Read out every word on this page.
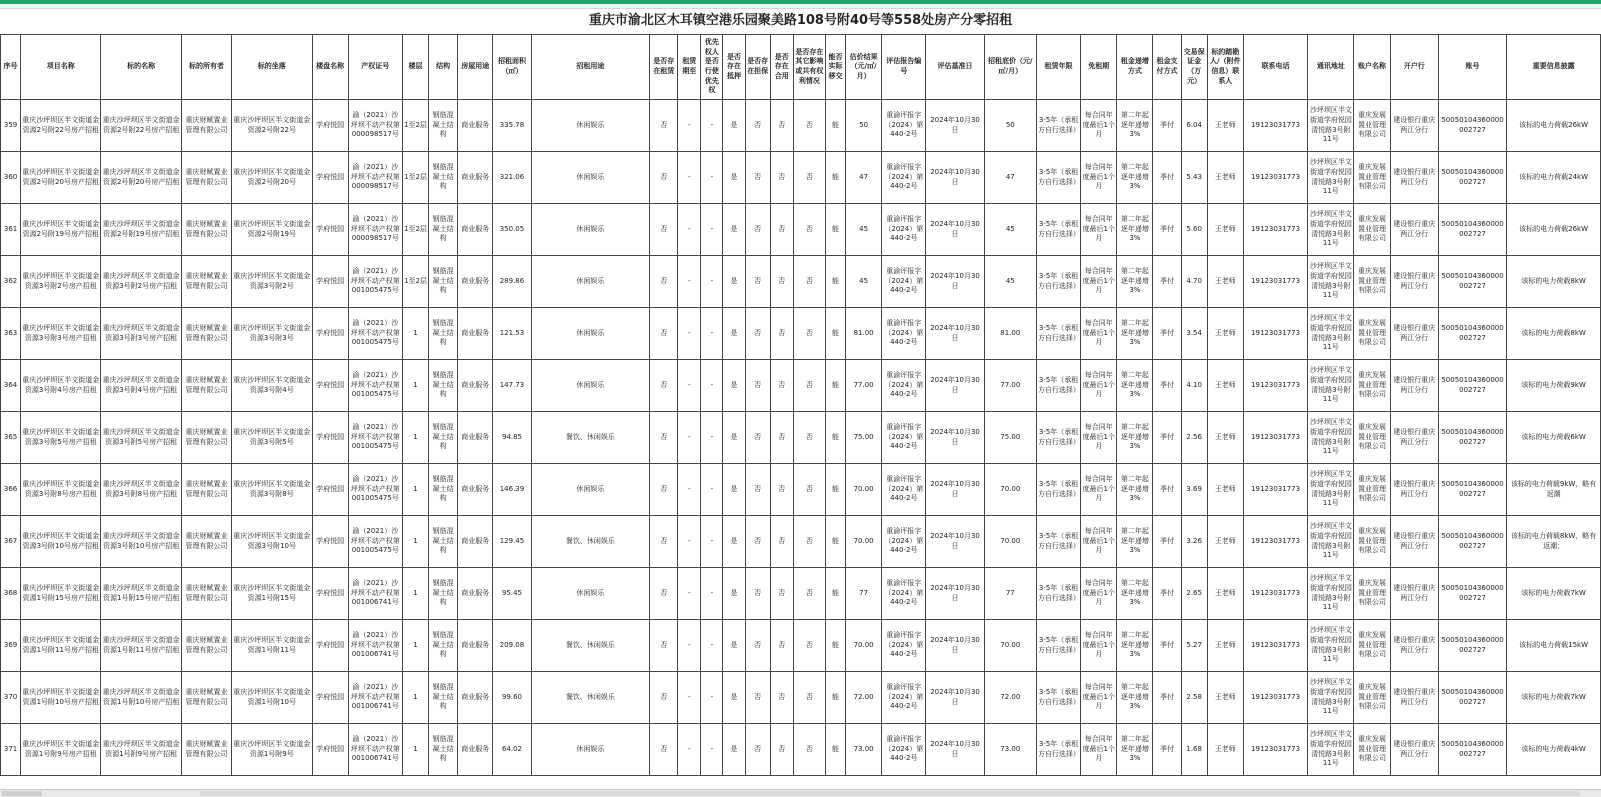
重庆市渝北区木耳镇空港乐园聚美路108号附40号等558处房产分零招租																																			
序号	项目名称	标的名称	标的所有者	标的坐落	楼盘名称	产权证号	楼层	结构	房屋用途	招租面积（㎡）	招租用途	是否存在租赁	租赁期至	优先权人是否行使优先权	是否存在抵押	是否存在担保	是否存在合用	是否存在其它影响或共有权利情况	能否实际移交	估价结果（元/㎡/月）	评估报告编号	评估基准日	招租底价（元/㎡/月）	租赁年限	免租期	租金递增方式	租金支付方式	交易保证金（万元）	标的踏勘人/（附件信息）联系人	联系电话	通讯地址	账户名称	开户行	账号	重要信息披露
359	重庆沙坪坝区半文街道金资源2号附22号房产招租	重庆沙坪坝区半文街道金资源2号附22号房产招租	重庆财赋置业管理有限公司	重庆沙坪坝区半文街道金资源2号附22号	学府悦园	渝（2021）沙坪坝不动产权第000098517号	1至2层	钢筋混凝土结构	商业服务	335.78	休闲娱乐	否	-	-	是	否	否	否	能	50	重渝评报字（2024）第440-2号	2024年10月30日	50	3-5年（承租方自行选择）	每合同年度最后1个月	第二年起逐年递增3%	季付	6.04	王老师	19123031773	沙坪坝区半文街道学府悦园清悦路3号附11号	重庆发展置业管理有限公司	建设银行重庆两江分行	50050104360000002727	该标的电力荷载26kW
360	重庆沙坪坝区半文街道金资源2号附20号房产招租	重庆沙坪坝区半文街道金资源2号附20号房产招租	重庆财赋置业管理有限公司	重庆沙坪坝区半文街道金资源2号附20号	学府悦园	渝（2021）沙坪坝不动产权第000098517号	1至2层	钢筋混凝土结构	商业服务	321.06	休闲娱乐	否	-	-	是	否	否	否	能	47	重渝评报字（2024）第440-2号	2024年10月30日	47	3-5年（承租方自行选择）	每合同年度最后1个月	第二年起逐年递增3%	季付	5.43	王老师	19123031773	沙坪坝区半文街道学府悦园清悦路3号附11号	重庆发展置业管理有限公司	建设银行重庆两江分行	50050104360000002727	该标的电力荷载24kW
361	重庆沙坪坝区半文街道金资源2号附19号房产招租	重庆沙坪坝区半文街道金资源2号附19号房产招租	重庆财赋置业管理有限公司	重庆沙坪坝区半文街道金资源2号附19号	学府悦园	渝（2021）沙坪坝不动产权第000098517号	1至2层	钢筋混凝土结构	商业服务	350.05	休闲娱乐	否	-	-	是	否	否	否	能	45	重渝评报字（2024）第440-2号	2024年10月30日	45	3-5年（承租方自行选择）	每合同年度最后1个月	第二年起逐年递增3%	季付	5.60	王老师	19123031773	沙坪坝区半文街道学府悦园清悦路3号附11号	重庆发展置业管理有限公司	建设银行重庆两江分行	50050104360000002727	该标的电力荷载26kW
362	重庆沙坪坝区半文街道金资源3号附2号房产招租	重庆沙坪坝区半文街道金资源3号附2号房产招租	重庆财赋置业管理有限公司	重庆沙坪坝区半文街道金资源3号附2号	学府悦园	渝（2021）沙坪坝不动产权第001005475号	1至2层	钢筋混凝土结构	商业服务	289.86	休闲娱乐	否	-	-	是	否	否	否	能	45	重渝评报字（2024）第440-2号	2024年10月30日	45	3-5年（承租方自行选择）	每合同年度最后1个月	第二年起逐年递增3%	季付	4.70	王老师	19123031773	沙坪坝区半文街道学府悦园清悦路3号附11号	重庆发展置业管理有限公司	建设银行重庆两江分行	50050104360000002727	该标的电力荷载8kW
363	重庆沙坪坝区半文街道金资源3号附3号房产招租	重庆沙坪坝区半文街道金资源3号附3号房产招租	重庆财赋置业管理有限公司	重庆沙坪坝区半文街道金资源3号附3号	学府悦园	渝（2021）沙坪坝不动产权第001005475号	1	钢筋混凝土结构	商业服务	121.53	休闲娱乐	否	-	-	是	否	否	否	能	81.00	重渝评报字（2024）第440-2号	2024年10月30日	81.00	3-5年（承租方自行选择）	每合同年度最后1个月	第二年起逐年递增3%	季付	3.54	王老师	19123031773	沙坪坝区半文街道学府悦园清悦路3号附11号	重庆发展置业管理有限公司	建设银行重庆两江分行	50050104360000002727	该标的电力荷载8kW
364	重庆沙坪坝区半文街道金资源3号附4号房产招租	重庆沙坪坝区半文街道金资源3号附4号房产招租	重庆财赋置业管理有限公司	重庆沙坪坝区半文街道金资源3号附4号	学府悦园	渝（2021）沙坪坝不动产权第001005475号	1	钢筋混凝土结构	商业服务	147.73	休闲娱乐	否	-	-	是	否	否	否	能	77.00	重渝评报字（2024）第440-2号	2024年10月30日	77.00	3-5年（承租方自行选择）	每合同年度最后1个月	第二年起逐年递增3%	季付	4.10	王老师	19123031773	沙坪坝区半文街道学府悦园清悦路3号附11号	重庆发展置业管理有限公司	建设银行重庆两江分行	50050104360000002727	该标的电力荷载9kW
365	重庆沙坪坝区半文街道金资源3号附5号房产招租	重庆沙坪坝区半文街道金资源3号附5号房产招租	重庆财赋置业管理有限公司	重庆沙坪坝区半文街道金资源3号附5号	学府悦园	渝（2021）沙坪坝不动产权第001005475号	1	钢筋混凝土结构	商业服务	94.85	餐饮、休闲娱乐	否	-	-	是	否	否	否	能	75.00	重渝评报字（2024）第440-2号	2024年10月30日	75.00	3-5年（承租方自行选择）	每合同年度最后1个月	第二年起逐年递增3%	季付	2.56	王老师	19123031773	沙坪坝区半文街道学府悦园清悦路3号附11号	重庆发展置业管理有限公司	建设银行重庆两江分行	50050104360000002727	该标的电力荷载6kW
366	重庆沙坪坝区半文街道金资源3号附8号房产招租	重庆沙坪坝区半文街道金资源3号附8号房产招租	重庆财赋置业管理有限公司	重庆沙坪坝区半文街道金资源3号附8号	学府悦园	渝（2021）沙坪坝不动产权第001005475号	1	钢筋混凝土结构	商业服务	146.39	休闲娱乐	否	-	-	是	否	否	否	能	70.00	重渝评报字（2024）第440-2号	2024年10月30日	70.00	3-5年（承租方自行选择）	每合同年度最后1个月	第二年起逐年递增3%	季付	3.69	王老师	19123031773	沙坪坝区半文街道学府悦园清悦路3号附11号	重庆发展置业管理有限公司	建设银行重庆两江分行	50050104360000002727	该标的电力荷载9kW，略有返潮
367	重庆沙坪坝区半文街道金资源3号附10号房产招租	重庆沙坪坝区半文街道金资源3号附10号房产招租	重庆财赋置业管理有限公司	重庆沙坪坝区半文街道金资源3号附10号	学府悦园	渝（2021）沙坪坝不动产权第001005475号	1	钢筋混凝土结构	商业服务	129.45	餐饮、休闲娱乐	否	-	-	是	否	否	否	能	70.00	重渝评报字（2024）第440-2号	2024年10月30日	70.00	3-5年（承租方自行选择）	每合同年度最后1个月	第二年起逐年递增3%	季付	3.26	王老师	19123031773	沙坪坝区半文街道学府悦园清悦路3号附11号	重庆发展置业管理有限公司	建设银行重庆两江分行	50050104360000002727	该标的电力荷载8kW，略有返潮；
368	重庆沙坪坝区半文街道金资源1号附15号房产招租	重庆沙坪坝区半文街道金资源1号附15号房产招租	重庆财赋置业管理有限公司	重庆沙坪坝区半文街道金资源1号附15号	学府悦园	渝（2021）沙坪坝不动产权第001006741号	1	钢筋混凝土结构	商业服务	95.45	休闲娱乐	否	-	-	是	否	否	否	能	77	重渝评报字（2024）第440-2号	2024年10月30日	77	3-5年（承租方自行选择）	每合同年度最后1个月	第二年起逐年递增3%	季付	2.65	王老师	19123031773	沙坪坝区半文街道学府悦园清悦路3号附11号	重庆发展置业管理有限公司	建设银行重庆两江分行	50050104360000002727	该标的电力荷载7kW
369	重庆沙坪坝区半文街道金资源1号附11号房产招租	重庆沙坪坝区半文街道金资源1号附11号房产招租	重庆财赋置业管理有限公司	重庆沙坪坝区半文街道金资源1号附11号	学府悦园	渝（2021）沙坪坝不动产权第001006741号	1	钢筋混凝土结构	商业服务	209.08	餐饮、休闲娱乐	否	-	-	是	否	否	否	能	70.00	重渝评报字（2024）第440-2号	2024年10月30日	70.00	3-5年（承租方自行选择）	每合同年度最后1个月	第二年起逐年递增3%	季付	5.27	王老师	19123031773	沙坪坝区半文街道学府悦园清悦路3号附11号	重庆发展置业管理有限公司	建设银行重庆两江分行	50050104360000002727	该标的电力荷载15kW
370	重庆沙坪坝区半文街道金资源1号附10号房产招租	重庆沙坪坝区半文街道金资源1号附10号房产招租	重庆财赋置业管理有限公司	重庆沙坪坝区半文街道金资源1号附10号	学府悦园	渝（2021）沙坪坝不动产权第001006741号	1	钢筋混凝土结构	商业服务	99.60	餐饮、休闲娱乐	否	-	-	是	否	否	否	能	72.00	重渝评报字（2024）第440-2号	2024年10月30日	72.00	3-5年（承租方自行选择）	每合同年度最后1个月	第二年起逐年递增3%	季付	2.58	王老师	19123031773	沙坪坝区半文街道学府悦园清悦路3号附11号	重庆发展置业管理有限公司	建设银行重庆两江分行	50050104360000002727	该标的电力荷载7kW
371	重庆沙坪坝区半文街道金资源1号附9号房产招租	重庆沙坪坝区半文街道金资源1号附9号房产招租	重庆财赋置业管理有限公司	重庆沙坪坝区半文街道金资源1号附9号	学府悦园	渝（2021）沙坪坝不动产权第001006741号	1	钢筋混凝土结构	商业服务	64.02	休闲娱乐	否	-	-	是	否	否	否	能	73.00	重渝评报字（2024）第440-2号	2024年10月30日	73.00	3-5年（承租方自行选择）	每合同年度最后1个月	第二年起逐年递增3%	季付	1.68	王老师	19123031773	沙坪坝区半文街道学府悦园清悦路3号附11号	重庆发展置业管理有限公司	建设银行重庆两江分行	50050104360000002727	该标的电力荷载4kW
